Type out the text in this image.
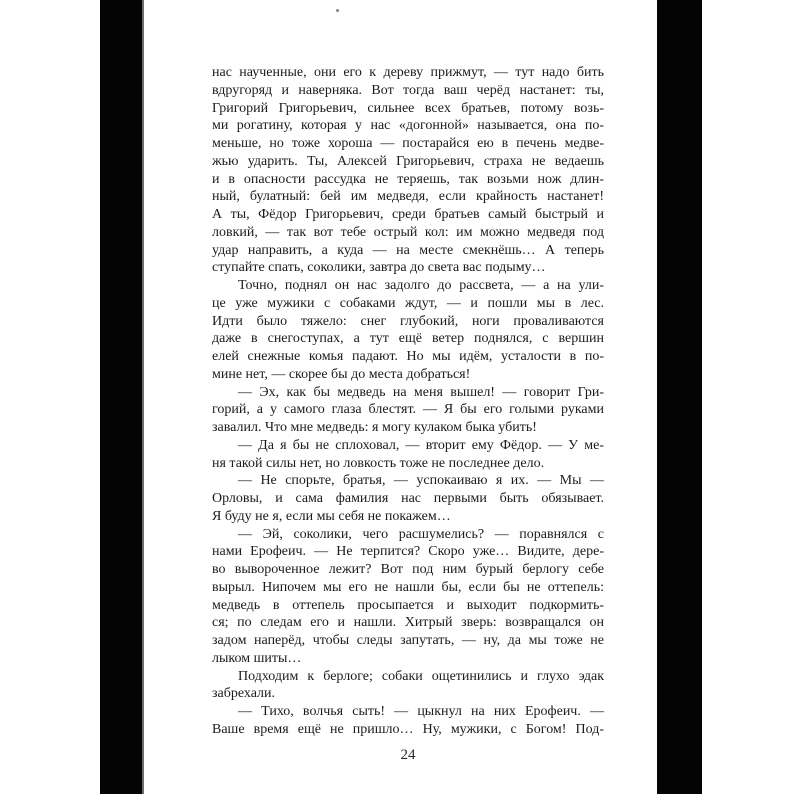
нас наученные, они его к дереву прижмут, — тут надо бить
вдругоряд и наверняка. Вот тогда ваш черёд настанет: ты,
Григорий Григорьевич, сильнее всех братьев, потому возь-
ми рогатину, которая у нас «догонной» называется, она по-
меньше, но тоже хороша — постарайся ею в печень медве-
жью ударить. Ты, Алексей Григорьевич, страха не ведаешь
и в опасности рассудка не теряешь, так возьми нож длин-
ный, булатный: бей им медведя, если крайность настанет!
А ты, Фёдор Григорьевич, среди братьев самый быстрый и
ловкий, — так вот тебе острый кол: им можно медведя под
удар направить, а куда — на месте смекнёшь… А теперь
ступайте спать, соколики, завтра до света вас подыму…
Точно, поднял он нас задолго до рассвета, — а на ули-
це уже мужики с собаками ждут, — и пошли мы в лес.
Идти было тяжело: снег глубокий, ноги проваливаются
даже в снегоступах, а тут ещё ветер поднялся, с вершин
елей снежные комья падают. Но мы идём, усталости в по-
мине нет, — скорее бы до места добраться!
— Эх, как бы медведь на меня вышел! — говорит Гри-
горий, а у самого глаза блестят. — Я бы его голыми руками
завалил. Что мне медведь: я могу кулаком быка убить!
— Да я бы не сплоховал, — вторит ему Фёдор. — У ме-
ня такой силы нет, но ловкость тоже не последнее дело.
— Не спорьте, братья, — успокаиваю я их. — Мы —
Орловы, и сама фамилия нас первыми быть обязывает.
Я буду не я, если мы себя не покажем…
— Эй, соколики, чего расшумелись? — поравнялся с
нами Ерофеич. — Не терпится? Скоро уже… Видите, дере-
во вывороченное лежит? Вот под ним бурый берлогу себе
вырыл. Нипочем мы его не нашли бы, если бы не оттепель:
медведь в оттепель просыпается и выходит подкормить-
ся; по следам его и нашли. Хитрый зверь: возвращался он
задом наперёд, чтобы следы запутать, — ну, да мы тоже не
лыком шиты…
Подходим к берлоге; собаки ощетинились и глухо эдак
забрехали.
— Тихо, волчья сыть! — цыкнул на них Ерофеич. —
Ваше время ещё не пришло… Ну, мужики, с Богом! Под-
24
